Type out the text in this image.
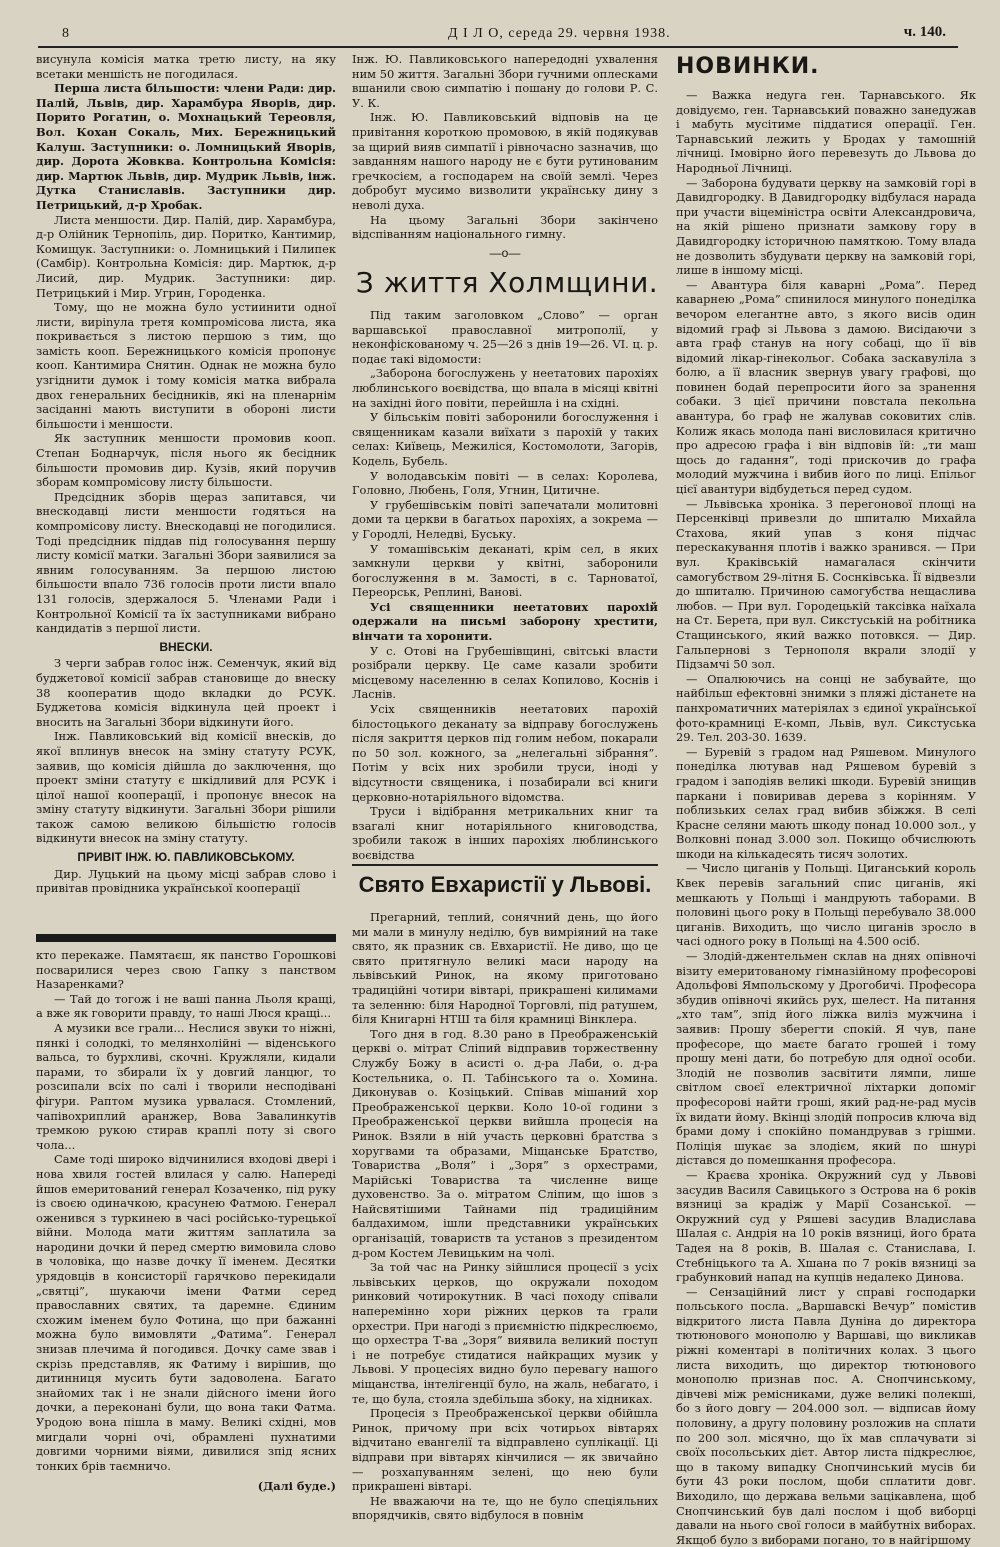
8	Д І Л О, середа 29. червня 1938.	ч. 140.

висунула комісія матка третю листу, на яку всетаки меншість не погодилася.

Перша листа більшости: члени Ради: дир. Палій, Львів, дир. Харамбура Яворів, дир. Порито Рогатин, о. Мохнацький Тереовля, Вол. Кохан Сокаль, Мих. Бережницький Калуш. Заступники: о. Ломницький Яворів, дир. Дорота Жовква. Контрольна Комісія: дир. Мартюк Львів, дир. Мудрик Львів, інж. Дутка Станиславів. Заступники дир. Петрицький, д-р Хробак.

Листа меншости. Дир. Палій, дир. Харамбура, д-р Олійник Тернопіль, дир. Поритко, Кантимир, Комищук. Заступники: о. Ломницький і Пилипек (Самбір). Контрольна Комісія: дир. Мартюк, д-р Лисий, дир. Мудрик. Заступники: дир. Петрицький і Мир. Угрин, Городенка.

Тому, що не можна було устиинити одної листи, вирinула третя компромісова листа, яка покривається з листою першою з тим, що замість кооп. Бережницького комісія пропонує кооп. Кантимира Снятин. Однак не можна було узгіднити думок і тому комісія матка вибрала двох генеральних бесідників, які на пленарнім засіданні мають виступити в обороні листи більшости і меншости.

Як заступник меншости промовив кооп. Степан Боднарчук, після нього як бесідник більшости промовив дир. Кузів, який поручив зборам компромісову листу більшости.

Предсідник зборів щераз запитався, чи внескодавці листи меншости годяться на компромісову листу. Внескодавці не погодилися. Тоді предсідник піддав під голосування першу листу комісії матки. Загальні Збори заявилися за явним голосуванням. За першою листою більшости впало 736 голосів проти листи впало 131 голосів, здержалося 5. Членами Ради і Контрольної Комісії та їх заступниками вибрано кандидатів з першої листи.

ВНЕСКИ.

З черги забрав голос інж. Семенчук, який від буджетової комісії забрав становище до внеску 38 кооператив щодо вкладки до РСУК. Буджетова комісія відкинула цей проект і вносить на Загальні Збори відкинути його.

Інж. Павликовський від комісії внесків, до якої вплинув внесок на зміну статуту РСУК, заявив, що комісія дійшла до заключення, що проект зміни статуту є шкідливий для РСУК і цілої нашої кооперації, і пропонує внесок на зміну статуту відкинути. Загальні Збори рішили також самою великою більшістю голосів відкинути внесок на зміну статуту.

ПРИВІТ ІНЖ. Ю. ПАВЛИКОВСЬКОМУ.

Дир. Луцький на цьому місці забрав слово і привітав провідника української кооперації

кто перекаже. Памятаєш, як панство Горошкові посварилися через свою Гапку з панством Назаренками?

— Тай до тогож і не ваші панна Льоля кращі, а вже як говорити правду, то наші Люся кращі...

А музики все грали... Неслися звуки то ніжні, пянкі і солодкі, то мелянхолійні — віденського вальса, то бурхливі, скочні. Кружляли, кидали парами, то збирали їх у довгий ланцюг, то розсипали всіх по салі і творили несподівані фігури. Раптом музика урвалася. Стомлений, чапівохриплий аранжер, Вова Завалинкутів тремкою рукою стирав краплі поту зі свого чола...

Саме тоді широко відчинилися входові двері і нова хвиля гостей влилася у салю. Напереді йшов емеритований генерал Козаченко, під руку із своєю одиначкою, красунею Фатмою. Генерал оженився з туркинею в часі російсько-турецької війни. Молода мати життям заплатила за народини дочки й перед смертю вимовила слово в чоловіка, що назве дочку її іменем. Десятки урядовців в консисторії гарячково перекидали „святці”, шукаючи імени Фатми серед православних святих, та даремне. Єдиним схожим іменем було Фотина, що при бажанні можна було вимовляти „Фатима”. Генерал знизав плечима й погодився. Дочку саме звав і скрізь представляв, як Фатиму і вирішив, що дитинниця мусить бути задоволена. Багато знайомих так і не знали дійсного імени його дочки, а переконані були, що вона таки Фатма. Уродою вона пішла в маму. Великі східні, мов мигдали чорні очі, обрамлені пухнатими довгими чорними віями, дивилися зпід ясних тонких брів таємничо.

(Далі буде.)

Інж. Ю. Павликовського напередодні ухвалення ним 50 життя. Загальні Збори гучними оплесками вшанили свою симпатію і пошану до голови Р. С. У. К.

Інж. Ю. Павликовський відповів на це привітання короткою промовою, в якій подякував за щирий вияв симпатії і рівночасно зазначив, що завданням нашого народу не є бути рутинованим гречкосієм, а господарем на своїй землі. Через добробут мусимо визволити українську дину з неволі духа.

На цьому Загальні Збори закінчено відспіванням національного гимну.

—о—
З життя Холмщини.

Під таким заголовком „Слово” — орган варшавської православної митрополії, у неконфіскованому ч. 25—26 з днів 19—26. VI. ц. р. подає такі відомости:

„Заборона богослужень у неетатових парохіях люблинського воєвідства, що впала в місяці квітні на західні його повіти, перейшла і на східні.

У більськім повіті заборонили богослуження і священникам казали виїхати з парохій у таких селах: Київець, Межиліся, Костомолоти, Загорів, Кодель, Бубель.

У володавськім повіті — в селах: Королева, Головно, Любень, Голя, Угнин, Цитичне.

У грубешівськім повіті запечатали молитовні доми та церкви в багатьох парохіях, а зокрема — у Городлі, Неледві, Буську.

У томашівськім деканаті, крім сел, в яких замкнули церкви у квітні, заборонили богослуження в м. Замості, в с. Тарноватої, Переорськ, Реплині, Ванові.

Усі священники неетатових парохій одержали на письмі заборону хрестити, вінчати та хоронити.

У с. Отові на Грубешівщині, світські власти розібрали церкву. Це саме казали зробити місцевому населенню в селах Копилово, Коснів і Ласнів.

Усіх священників неетатових парохій білостоцького деканату за відправу богослужень після закриття церков під голим небом, покарали по 50 зол. кожного, за „нелегальні зібрання”. Потім у всіх них зробили труси, іноді у відсутности священика, і позабирали всі книги церковно-нотаріяльного відомства.

Труси і відібрання метрикальних книг та взагалі книг нотаріяльного книговодства, зробили також в інших парохіях люблинського воєвідства

Свято Евхаристії у Львові.

Прегарний, теплий, сонячний день, що його ми мали в минулу неділю, був вимріяний на таке свято, як празник св. Евхаристії. Не диво, що це свято притягнуло великі маси народу на львівський Ринок, на якому приготовано традиційні чотири вівтарі, прикрашені килимами та зеленню: біля Народної Торговлі, під ратушем, біля Книгарні НТШ та біля крамниці Вінклера.

Того дня в год. 8.30 рано в Преображенській церкві о. мітрат Сліпий відправив торжественну Службу Божу в асисті о. д-ра Лаби, о. д-ра Костельника, о. П. Табінського та о. Хомина. Диконував о. Козіцький. Співав мішаний хор Преображенської церкви. Коло 10-ої години з Преображенської церкви вийшла процесія на Ринок. Взяли в ній участь церковні братства з хоругвами та образами, Міщанське Братство, Товариства „Воля” і „Зоря” з орхестрами, Марійські Товариства та численне вище духовенство. За о. мітратом Сліпим, що ішов з Найсвятішими Тайнами під традиційним балдахимом, ішли представники українських організацій, товариств та установ з президентом д-ром Костем Левицьким на чолі.

За той час на Ринку зійшлися процесії з усіх львівських церков, що окружали походом ринковий чотирокутник. В часі походу співали наперемінно хори ріжних церков та грали орхестри. При нагоді з приємністю підкреслюємо, що орхестра Т-ва „Зоря” виявила великий поступ і не потребує стидатися найкращих музик у Львові. У процесіях видно було перевагу нашого міщанства, інтелігенції було, на жаль, небагато, і те, що була, стояла здебільша збоку, на хідниках.

Процесія з Преображенської церкви обійшла Ринок, причому при всіх чотирьох вівтарях відчитано евангелії та відправлено суплікації. Ці відправи при вівтарях кінчилися — як звичайно — розхапуванням зелені, що нею були прикрашені вівтарі.

Не вважаючи на те, що не було спеціяльних впорядчиків, свято відбулося в повнім

НОВИНКИ.

— Важка недуга ген. Тарнавського. Як довідуємо, ген. Тарнавський поважно занедужав і мабуть мусітиме піддатися операції. Ген. Тарнавський лежить у Бродах у тамошній лічниці. Імовірно його перевезуть до Львова до Народньої Лічниці.

— Заборона будувати церкву на замковій горі в Давидгородку. В Давидгородку відбулася нарада при участи віцеміністра освіти Александровича, на якій рішено признати замкову гору в Давидгородку історичною памяткою. Тому влада не дозволить збудувати церкву на замковій горі, лише в іншому місці.

— Авантура біля каварні „Рома”. Перед каварнею „Рома” спинилося минулого понеділка вечором елегантне авто, з якого висів один відомий граф зі Львова з дамою. Висідаючи з авта граф станув на ногу собаці, що її вів відомий лікар-гінекольог. Собака заскавуліла з болю, а її власник звернув увагу графові, що повинен бодай перепросити його за зранення собаки. З цієї причини повстала пекольна авантура, бо граф не жалував соковитих слів. Колиж якась молода пані висловилася критично про адресою графа і він відповів їй: „ти маш щось до гадання”, тоді прискочив до графа молодий мужчина і вибив його по лиці. Епільог цієї авантури відбудеться перед судом.

— Львівська хроніка. З перегонової площі на Персенківці привезли до шпиталю Михайла Стахова, який упав з коня підчас перескакування плотів і важко зранився. — При вул. Краківській намагалася скінчити самогубством 29-літня Б. Соснківська. Її відвезли до шпиталю. Причиною самогубства нещаслива любов. — При вул. Городецькій таксівка наїхала на Ст. Берета, при вул. Сикстуській на робітника Стащинського, який важко потовкся. — Дир. Гальпернові з Тернополя вкрали злодії у Підзамчі 50 зол.

— Опалюючись на сонці не забувайте, що найбільш ефектовні знимки з пляжі дістанете на панхроматичних матеріялах з єдиної української фото-крамниці Е-комп, Львів, вул. Сикстуська 29. Тел. 203-30. 1639.

— Буревій з градом над Ряшевом. Минулого понеділка лютував над Ряшевом буревій з градом і заподіяв великі шкоди. Буревій знищив паркани і повиривав дерева з корінням. У поблизьких селах град вибив збіжжя. В селі Красне селяни мають шкоду понад 10.000 зол., у Волковні понад 3.000 зол. Покищо обчислюють шкоди на кількадесять тисяч золотих.

— Число циганів у Польщі. Циганський король Квек перевів загальний спис циганів, які мешкають у Польщі і мандрують таборами. В половині цього року в Польщі перебувало 38.000 циганів. Виходить, що число циганів зросло в часі одного року в Польщі на 4.500 осіб.

— Злодій-джентельмен склав на днях опівночі візиту емеритованому гімназійному професорові Адольфові Ямпольскому у Дрогобичі. Професора збудив опівночі якийсь рух, шелест. На питання „хто там”, зпід його ліжка виліз мужчина і заявив: Прошу зберегти спокій. Я чув, пане професоре, що маєте багато грошей і тому прошу мені дати, бо потребую для одної особи. Злодій не позволив засвітити лямпи, лише світлом своєї електричної ліхтарки допоміг професорові найти гроші, який рад-не-рад мусів їх видати йому. Вкінці злодій попросив ключа від брами дому і спокійно помандрував з грішми. Поліція шукає за злодієм, який по шнурі дістався до помешкання професора.

— Краєва хроніка. Окружний суд у Львові засудив Василя Савицького з Острова на 6 років вязниці за крадіж у Марії Созанської. — Окружний суд у Ряшеві засудив Владислава Шалая с. Андрія на 10 років вязниці, його брата Тадея на 8 років, В. Шалая с. Станислава, І. Стебніцького та А. Хшана по 7 років вязниці за грабунковий напад на купців недалеко Динова.

— Сензаційний лист у справі господарки польського посла. „Варшавскі Вечур” помістив відкритого листа Павла Дуніна до директора тютюнового монополю у Варшаві, що викликав ріжні коментарі в політичних колах. З цього листа виходить, що директор тютюнового монополю признав пос. А. Снопчинському, дівчеві між ремісниками, дуже великі полекші, бо з його довгу — 204.000 зол. — відписав йому половину, а другу половину розложив на сплати по 200 зол. місячно, що їх мав сплачувати зі своїх посольських дієт. Автор листа підкреслює, що в такому випадку Снопчинський мусів би бути 43 роки послом, щоби сплатити довг. Виходило, що держава вельми зацікавлена, щоб Снопчинський був далі послом і щоб виборці давали на нього свої голоси в майбутніх виборах. Якщоб було з виборами погано, то в найгіршому
